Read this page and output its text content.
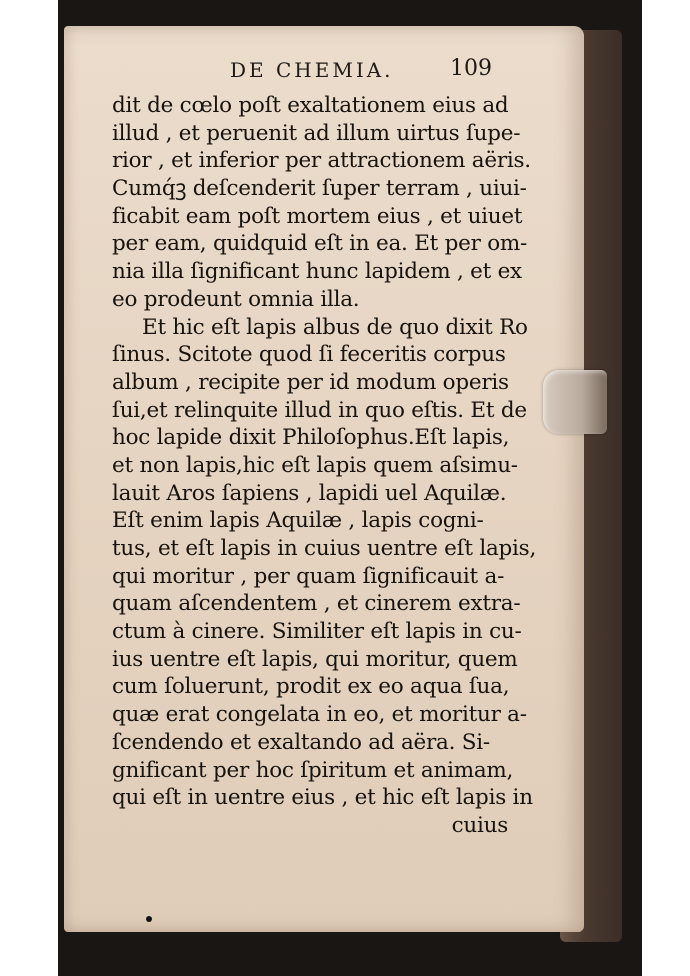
DE CHEMIA.	109
dit de cœlo poſt exaltationem eius ad
illud , et peruenit ad illum uirtus ſupe-
rior , et inferior per attractionem aëris.
Cumq́ꝫ deſcenderit ſuper terram , uiui-
ficabit eam poſt mortem eius , et uiuet
per eam, quidquid eſt in ea. Et per om-
nia illa ſignificant hunc lapidem , et ex
eo prodeunt omnia illa.
Et hic eſt lapis albus de quo dixit Ro
ſinus. Scitote quod ſi feceritis corpus
album , recipite per id modum operis
ſui,et relinquite illud in quo eſtis. Et de
hoc lapide dixit Philoſophus.Eſt lapis,
et non lapis,hic eſt lapis quem aſsimu-
lauit Aros ſapiens , lapidi uel Aquilæ.
Eſt enim lapis Aquilæ , lapis cogni-
tus, et eſt lapis in cuius uentre eſt lapis,
qui moritur , per quam ſignificauit a-
quam aſcendentem , et cinerem extra-
ctum à cinere. Similiter eſt lapis in cu-
ius uentre eſt lapis, qui moritur, quem
cum ſoluerunt, prodit ex eo aqua ſua,
quæ erat congelata in eo, et moritur a-
ſcendendo et exaltando ad aëra. Si-
gnificant per hoc ſpiritum et animam,
qui eſt in uentre eius , et hic eſt lapis in
cuius
